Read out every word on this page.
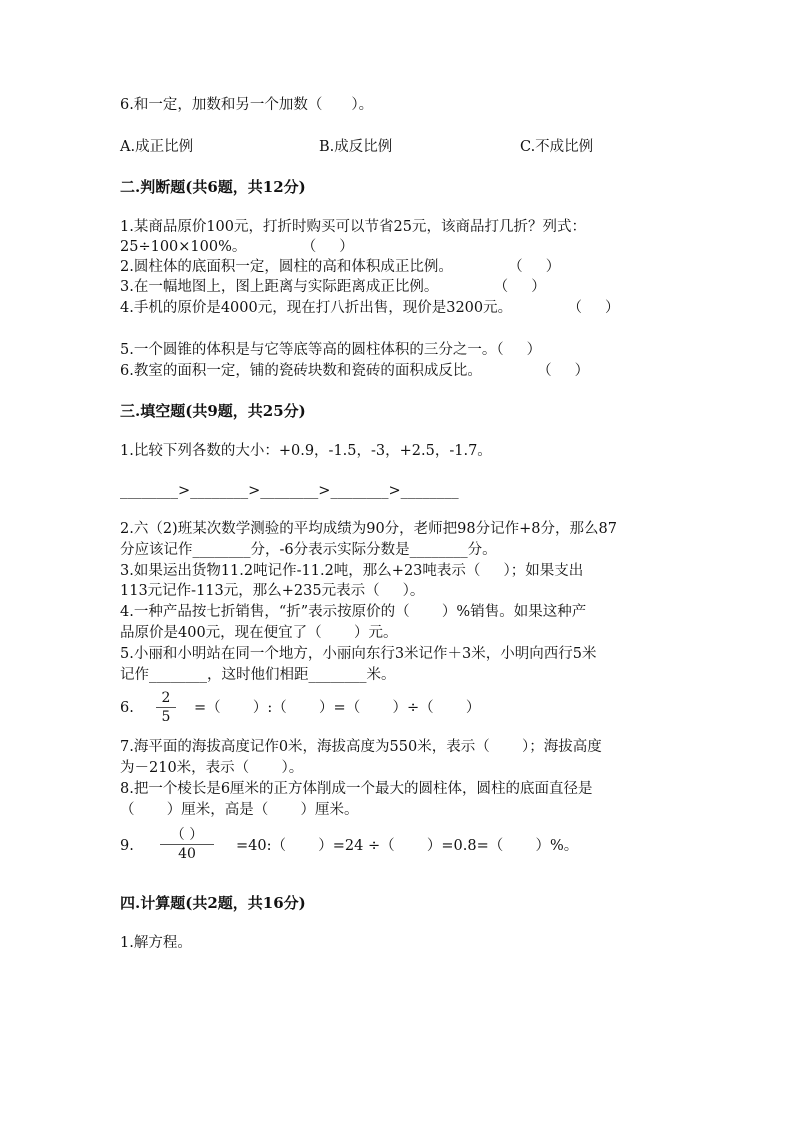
6.和一定，加数和另一个加数（　　）。
A.成正比例	B.成反比例	C.不成比例
二.判断题(共6题，共12分)
1.某商品原价100元，打折时购买可以节省25元，该商品打几折？列式：
25÷100×100%。            （     ）
2.圆柱体的底面积一定，圆柱的高和体积成正比例。            （     ）
3.在一幅地图上，图上距离与实际距离成正比例。            （     ）
4.手机的原价是4000元，现在打八折出售，现价是3200元。            （     ）
5.一个圆锥的体积是与它等底等高的圆柱体积的三分之一。（     ）
6.教室的面积一定，铺的瓷砖块数和瓷砖的面积成反比。            （     ）
三.填空题(共9题，共25分)
1.比较下列各数的大小：+0.9，-1.5，-3，+2.5，-1.7。
________>________>________>________>________
2.六（2)班某次数学测验的平均成绩为90分，老师把98分记作+8分，那么87
分应该记作________分，-6分表示实际分数是________分。
3.如果运出货物11.2吨记作-11.2吨，那么+23吨表示（     ）；如果支出
113元记作-113元，那么+235元表示（     ）。
4.一种产品按七折销售，“折”表示按原价的（       ）%销售。如果这种产
品原价是400元，现在便宜了（       ）元。
5.小丽和小明站在同一个地方，小丽向东行3米记作＋3米，小明向西行5米
记作________，这时他们相距________米。
6.
2
5
=（       ）:（       ）=（       ）÷（       ）
7.海平面的海拔高度记作0米，海拔高度为550米，表示（       ）；海拔高度
为－210米，表示（       ）。
8.把一个棱长是6厘米的正方体削成一个最大的圆柱体，圆柱的底面直径是
（       ）厘米，高是（       ）厘米。
9.
（ ）
40	=40:（       ）=24 ÷（       ）=0.8=（       ）%。
四.计算题(共2题，共16分)
1.解方程。
